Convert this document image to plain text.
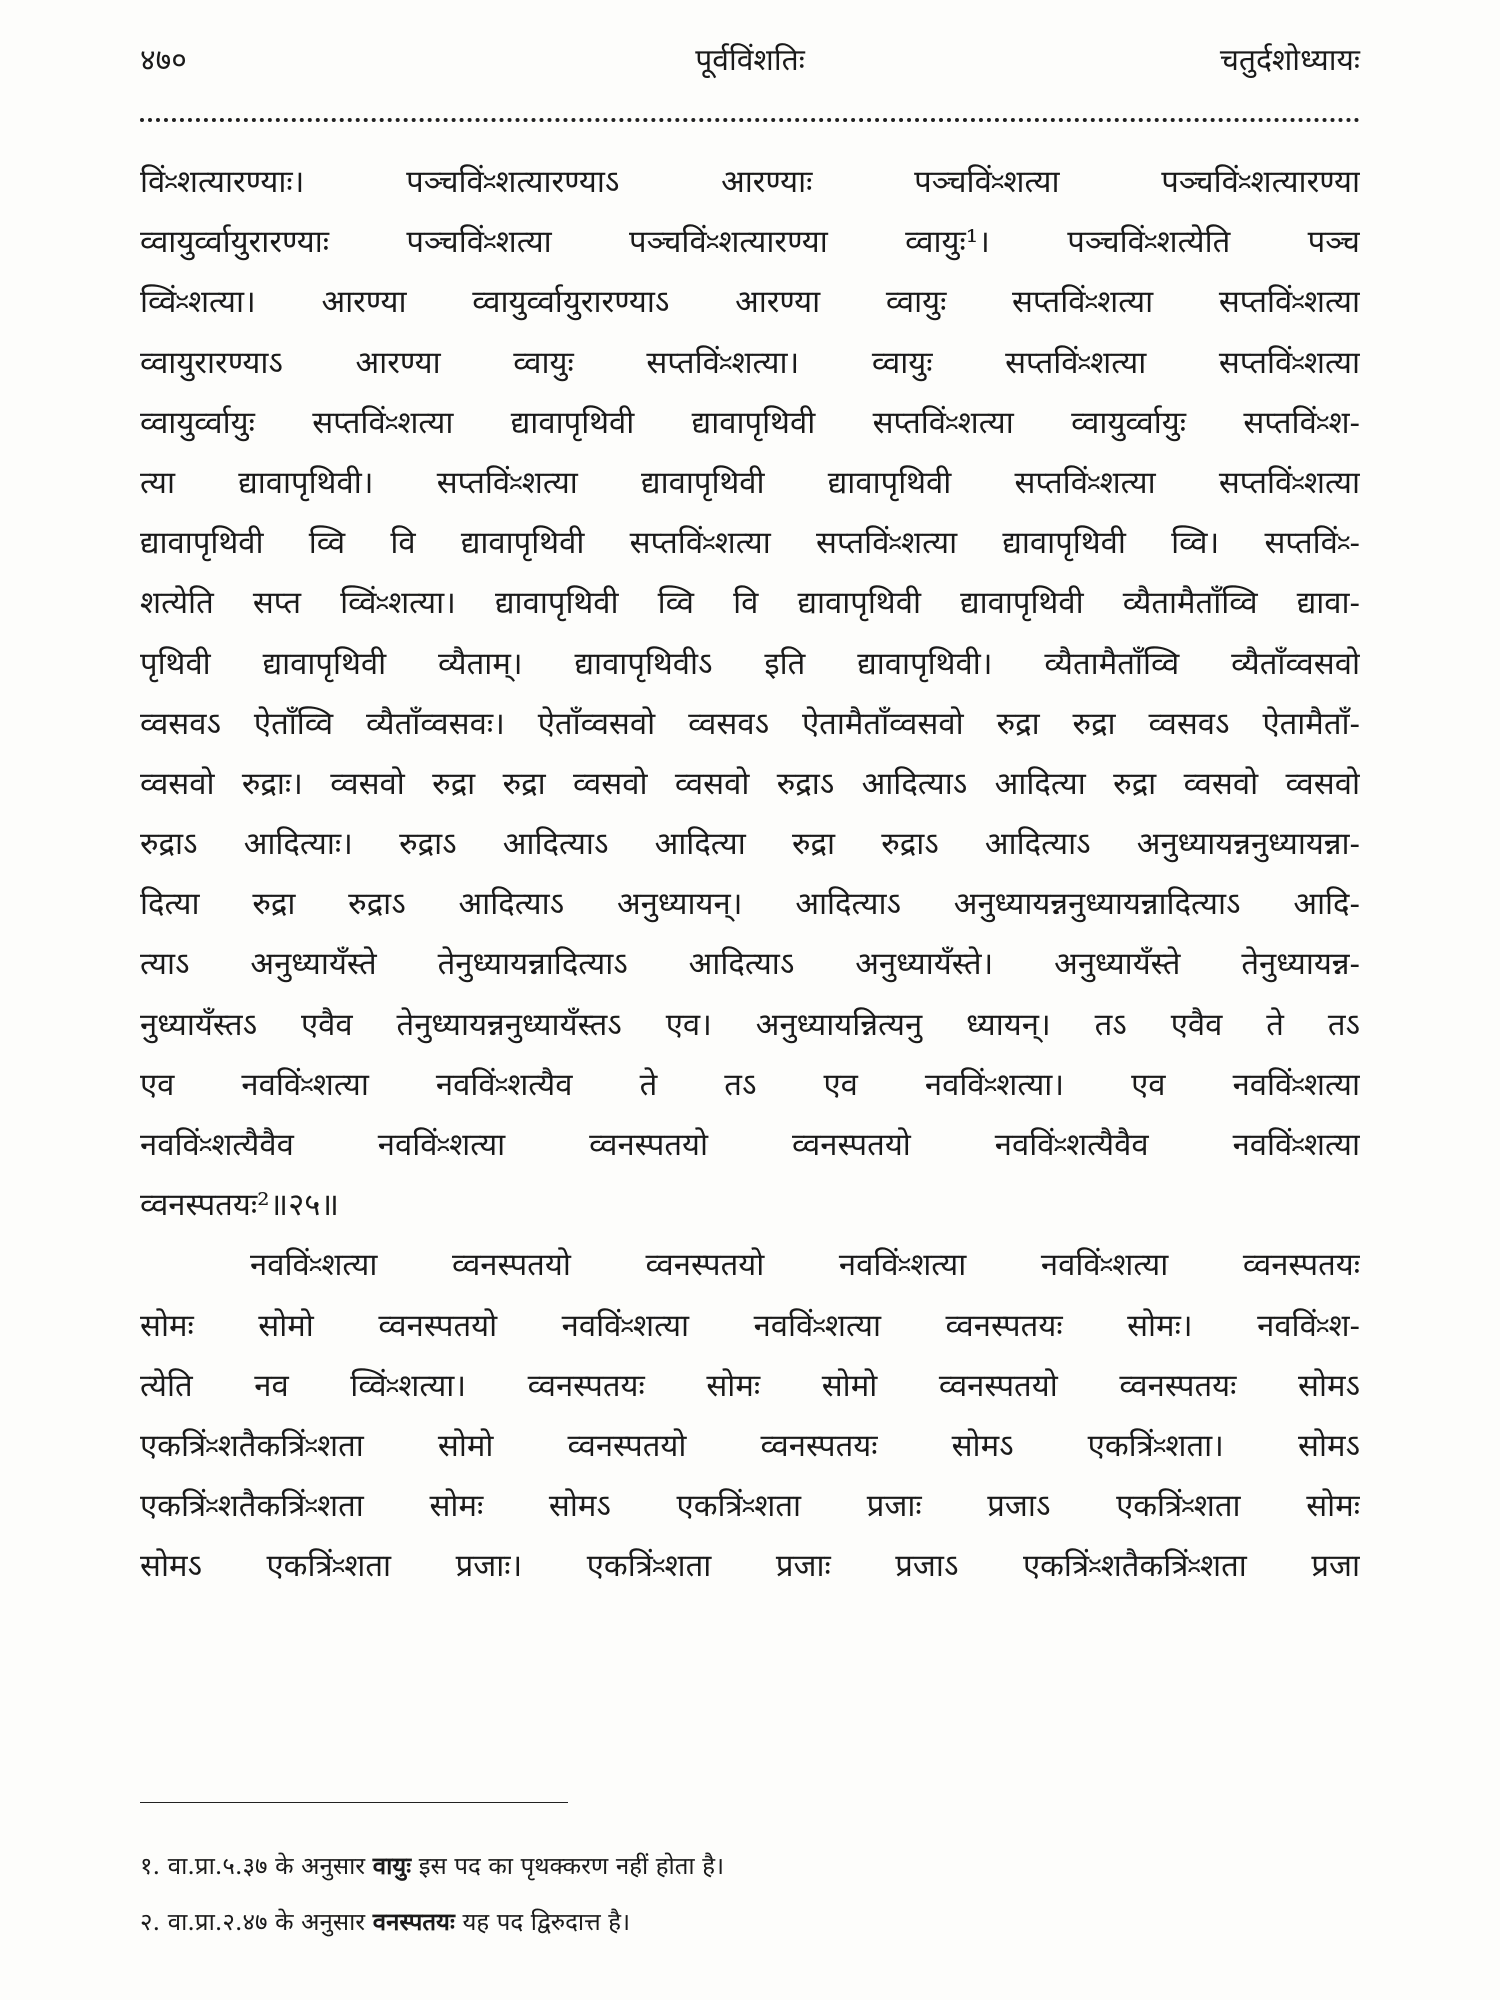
४७०	पूर्वविंशतिः	चतुर्दशोध्यायः
विंᳲशत्यारण्याः। पञ्चविंᳲशत्यारण्याऽ आरण्याः पञ्चविंᳲशत्या पञ्चविंᳲशत्यारण्या
व्वायुर्व्वायुरारण्याः पञ्चविंᳲशत्या पञ्चविंᳲशत्यारण्या व्वायुः¹। पञ्चविंᳲशत्येति पञ्च
व्विंᳲशत्या। आरण्या व्वायुर्व्वायुरारण्याऽ आरण्या व्वायुः सप्तविंᳲशत्या सप्तविंᳲशत्या
व्वायुरारण्याऽ आरण्या व्वायुः सप्तविंᳲशत्या। व्वायुः सप्तविंᳲशत्या सप्तविंᳲशत्या
व्वायुर्व्वायुः सप्तविंᳲशत्या द्यावापृथिवी द्यावापृथिवी सप्तविंᳲशत्या व्वायुर्व्वायुः सप्तविंᳲश-
त्या द्यावापृथिवी। सप्तविंᳲशत्या द्यावापृथिवी द्यावापृथिवी सप्तविंᳲशत्या सप्तविंᳲशत्या
द्यावापृथिवी व्वि वि द्यावापृथिवी सप्तविंᳲशत्या सप्तविंᳲशत्या द्यावापृथिवी व्वि। सप्तविंᳲ-
शत्येति सप्त व्विंᳲशत्या। द्यावापृथिवी व्वि वि द्यावापृथिवी द्यावापृथिवी व्यैतामैताँव्वि द्यावा-
पृथिवी द्यावापृथिवी व्यैताम्। द्यावापृथिवीऽ इति द्यावापृथिवी। व्यैतामैताँव्वि व्यैताँव्वसवो
व्वसवऽ ऐताँव्वि व्यैताँव्वसवः। ऐताँव्वसवो व्वसवऽ ऐतामैताँव्वसवो रुद्रा रुद्रा व्वसवऽ ऐतामैताँ-
व्वसवो रुद्राः। व्वसवो रुद्रा रुद्रा व्वसवो व्वसवो रुद्राऽ आदित्याऽ आदित्या रुद्रा व्वसवो व्वसवो
रुद्राऽ आदित्याः। रुद्राऽ आदित्याऽ आदित्या रुद्रा रुद्राऽ आदित्याऽ अनुध्यायन्ननुध्यायन्ना-
दित्या रुद्रा रुद्राऽ आदित्याऽ अनुध्यायन्। आदित्याऽ अनुध्यायन्ननुध्यायन्नादित्याऽ आदि-
त्याऽ अनुध्यायँस्ते तेनुध्यायन्नादित्याऽ आदित्याऽ अनुध्यायँस्ते। अनुध्यायँस्ते तेनुध्यायन्न-
नुध्यायँस्तऽ एवैव तेनुध्यायन्ननुध्यायँस्तऽ एव। अनुध्यायन्नित्यनु ध्यायन्। तऽ एवैव ते तऽ
एव नवविंᳲशत्या नवविंᳲशत्यैव ते तऽ एव नवविंᳲशत्या। एव नवविंᳲशत्या
नवविंᳲशत्यैवैव नवविंᳲशत्या व्वनस्पतयो व्वनस्पतयो नवविंᳲशत्यैवैव नवविंᳲशत्या
व्वनस्पतयः²॥२५॥
नवविंᳲशत्या व्वनस्पतयो व्वनस्पतयो नवविंᳲशत्या नवविंᳲशत्या व्वनस्पतयः
सोमः सोमो व्वनस्पतयो नवविंᳲशत्या नवविंᳲशत्या व्वनस्पतयः सोमः। नवविंᳲश-
त्येति नव व्विंᳲशत्या। व्वनस्पतयः सोमः सोमो व्वनस्पतयो व्वनस्पतयः सोमऽ
एकत्रिंᳲशतैकत्रिंᳲशता सोमो व्वनस्पतयो व्वनस्पतयः सोमऽ एकत्रिंᳲशता। सोमऽ
एकत्रिंᳲशतैकत्रिंᳲशता सोमः सोमऽ एकत्रिंᳲशता प्रजाः प्रजाऽ एकत्रिंᳲशता सोमः
सोमऽ एकत्रिंᳲशता प्रजाः। एकत्रिंᳲशता प्रजाः प्रजाऽ एकत्रिंᳲशतैकत्रिंᳲशता प्रजा
१. वा.प्रा.५.३७ के अनुसार वायुः इस पद का पृथक्करण नहीं होता है।
२. वा.प्रा.२.४७ के अनुसार वनस्पतयः यह पद द्विरुदात्त है।
